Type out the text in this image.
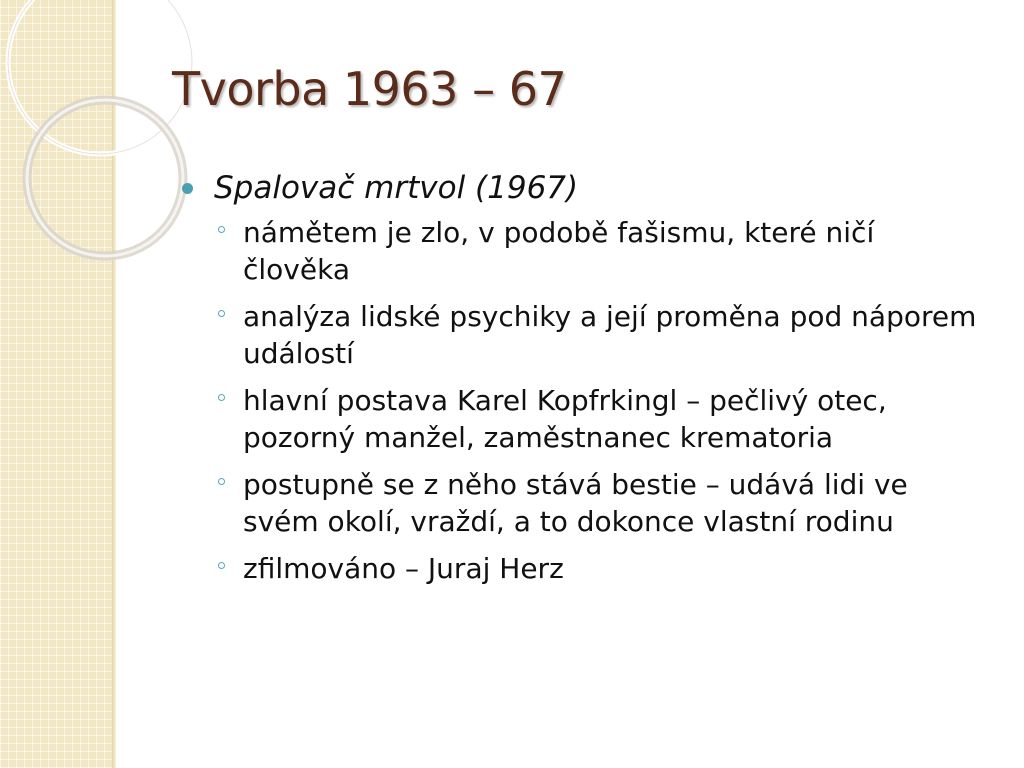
Tvorba 1963 – 67
Spalovač mrtvol (1967)
námětem je zlo, v podobě fašismu, které ničí člověka
analýza lidské psychiky a její proměna pod náporem událostí
hlavní postava Karel Kopfrkingl – pečlivý otec, pozorný manžel, zaměstnanec krematoria
postupně se z něho stává bestie – udává lidi ve svém okolí, vraždí, a to dokonce vlastní rodinu
zfilmováno – Juraj Herz
